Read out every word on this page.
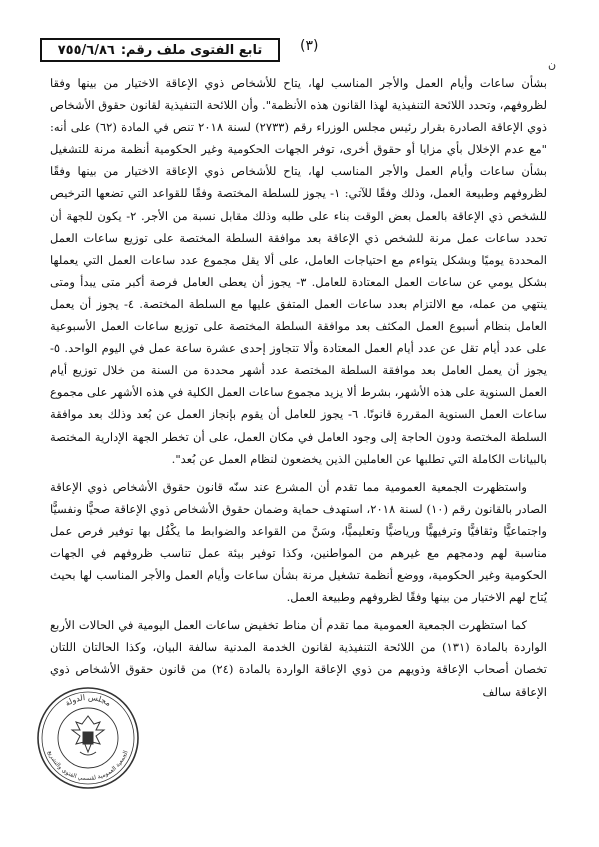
تابع الفتوى ملف رقم:
٧٥٥/٦/٨٦	(٣)
ن

بشأن ساعات وأيام العمل والأجر المناسب لها، يتاح للأشخاص ذوي الإعاقة الاختيار من بينها وفقا لظروفهم، وتحدد اللائحة التنفيذية لهذا القانون هذه الأنظمة". وأن اللائحة التنفيذية لقانون حقوق الأشخاص ذوي الإعاقة الصادرة بقرار رئيس مجلس الوزراء رقم (٢٧٣٣) لسنة ٢٠١٨ تنص في المادة (٦٢) على أنه: "مع عدم الإخلال بأي مزايا أو حقوق أخرى، توفر الجهات الحكومية وغير الحكومية أنظمة مرنة للتشغيل بشأن ساعات وأيام العمل والأجر المناسب لها، يتاح للأشخاص ذوي الإعاقة الاختيار من بينها وفقًا لظروفهم وطبيعة العمل، وذلك وفقًا للآتي: ١- يجوز للسلطة المختصة وفقًا للقواعد التي تضعها الترخيص للشخص ذي الإعاقة بالعمل بعض الوقت بناء على طلبه وذلك مقابل نسبة من الأجر. ٢- يكون للجهة أن تحدد ساعات عمل مرنة للشخص ذي الإعاقة بعد موافقة السلطة المختصة على توزيع ساعات العمل المحددة يوميًا وبشكل يتواءم مع احتياجات العامل، على ألا يقل مجموع عدد ساعات العمل التي يعملها بشكل يومي عن ساعات العمل المعتادة للعامل. ٣- يجوز أن يعطى العامل فرصة أكبر متى يبدأ ومتى ينتهي من عمله، مع الالتزام بعدد ساعات العمل المتفق عليها مع السلطة المختصة. ٤- يجوز أن يعمل العامل بنظام أسبوع العمل المكثف بعد موافقة السلطة المختصة على توزيع ساعات العمل الأسبوعية على عدد أيام تقل عن عدد أيام العمل المعتادة وألا تتجاوز إحدى عشرة ساعة عمل في اليوم الواحد. ٥- يجوز أن يعمل العامل بعد موافقة السلطة المختصة عدد أشهر محددة من السنة من خلال توزيع أيام العمل السنوية على هذه الأشهر، بشرط ألا يزيد مجموع ساعات العمل الكلية في هذه الأشهر على مجموع ساعات العمل السنوية المقررة قانونًا. ٦- يجوز للعامل أن يقوم بإنجاز العمل عن بُعد وذلك بعد موافقة السلطة المختصة ودون الحاجة إلى وجود العامل في مكان العمل، على أن تخطر الجهة الإدارية المختصة بالبيانات الكاملة التي تطلبها عن العاملين الذين يخضعون لنظام العمل عن بُعد".

واستظهرت الجمعية العمومية مما تقدم أن المشرع عند سنّه قانون حقوق الأشخاص ذوي الإعاقة الصادر بالقانون رقم (١٠) لسنة ٢٠١٨، استهدف حماية وضمان حقوق الأشخاص ذوي الإعاقة صحيًّا ونفسيًّا واجتماعيًّا وثقافيًّا وترفيهيًّا ورياضيًّا وتعليميًّا، وسَنَّ من القواعد والضوابط ما يكْفُل بها توفير فرص عمل مناسبة لهم ودمجهم مع غيرهم من المواطنين، وكذا توفير بيئة عمل تناسب ظروفهم في الجهات الحكومية وغير الحكومية، ووضع أنظمة تشغيل مرنة بشأن ساعات وأيام العمل والأجر المناسب لها بحيث يُتاح لهم الاختيار من بينها وفقًا لظروفهم وطبيعة العمل.

كما استظهرت الجمعية العمومية مما تقدم أن مناط تخفيض ساعات العمل اليومية في الحالات الأربع الواردة بالمادة (١٣١) من اللائحة التنفيذية لقانون الخدمة المدنية سالفة البيان، وكذا الحالتان اللتان تخصان أصحاب الإعاقة وذويهم من ذوي الإعاقة الواردة بالمادة (٢٤) من قانون حقوق الأشخاص ذوي الإعاقة سالف

مجلس الدولة
الجمعية العمومية لقسمي الفتوى والتشريع
